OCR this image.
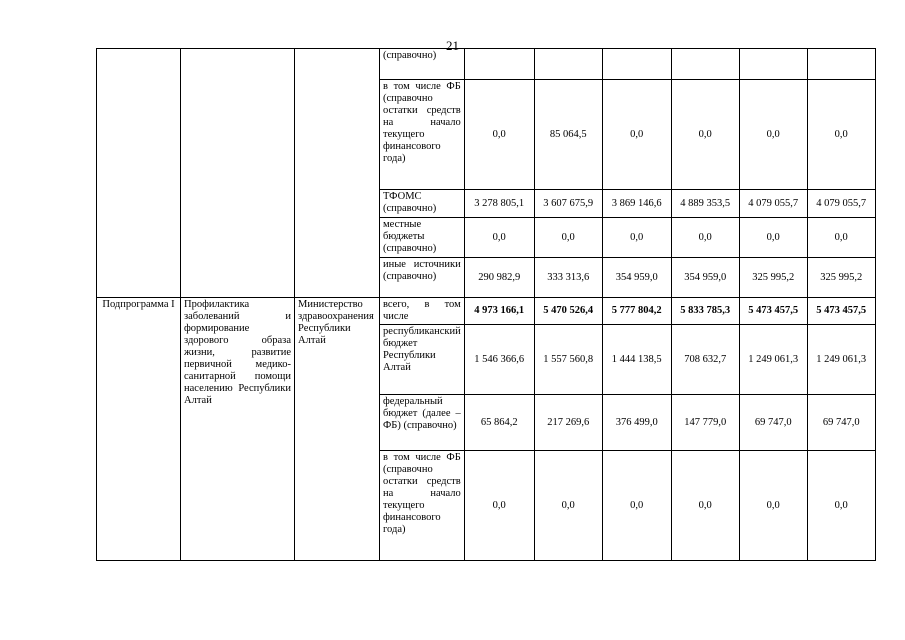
21
			(справочно)						
			в том числе ФБ (справочно остатки средств на начало текущего финансового года)	0,0	85 064,5	0,0	0,0	0,0	0,0
			ТФОМС (справочно)	3 278 805,1	3 607 675,9	3 869 146,6	4 889 353,5	4 079 055,7	4 079 055,7
			местные бюджеты (справочно)	0,0	0,0	0,0	0,0	0,0	0,0
			иные источники (справочно)	290 982,9	333 313,6	354 959,0	354 959,0	325 995,2	325 995,2
Подпрограмма I	Профилактика заболеваний и формирование здорового образа жизни, развитие первичной медико-санитарной помощи населению Республики Алтай	Министерство здравоохранения Республики Алтай	всего, в том числе	4 973 166,1	5 470 526,4	5 777 804,2	5 833 785,3	5 473 457,5	5 473 457,5
			республиканский бюджет Республики Алтай	1 546 366,6	1 557 560,8	1 444 138,5	708 632,7	1 249 061,3	1 249 061,3
			федеральный бюджет (далее – ФБ) (справочно)	65 864,2	217 269,6	376 499,0	147 779,0	69 747,0	69 747,0
			в том числе ФБ (справочно остатки средств на начало текущего финансового года)	0,0	0,0	0,0	0,0	0,0	0,0
